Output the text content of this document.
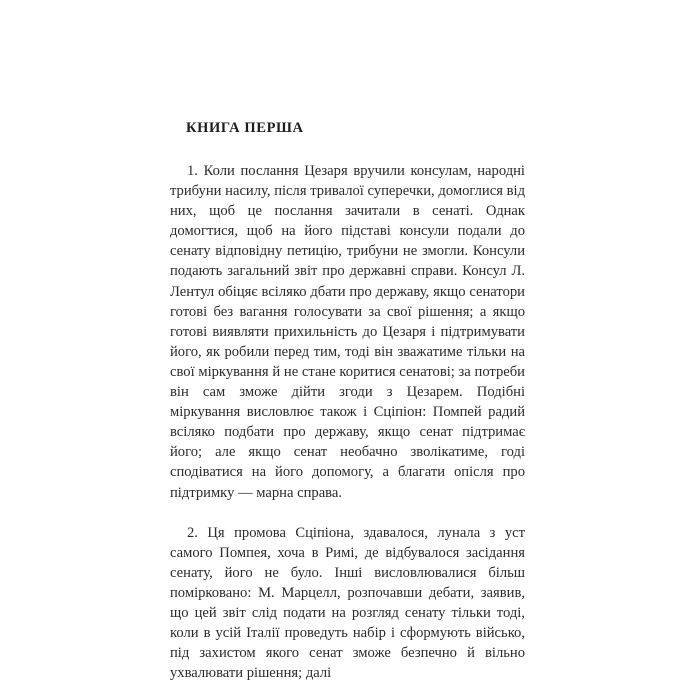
КНИГА ПЕРША

1. Коли послання Цезаря вручили консулам, народні трибуни насилу, після тривалої суперечки, домоглися від них, щоб це послання зачитали в сенаті. Однак домогтися, щоб на його підставі консули подали до сенату відповідну петицію, трибуни не змогли. Консули подають загальний звіт про державні справи. Консул Л. Лентул обіцяє всіляко дбати про державу, якщо сенатори готові без вагання голосувати за свої рішення; а якщо готові виявляти прихильність до Цезаря і підтримувати його, як робили перед тим, тоді він зважатиме тільки на свої міркування й не стане коритися сенатові; за потреби він сам зможе дійти згоди з Цезарем. Подібні міркування висловлює також і Сціпіон: Помпей радий всіляко подбати про державу, якщо сенат підтримає його; але якщо сенат необачно зволікатиме, годі сподіватися на його допомогу, а благати опісля про підтримку — марна справа.

2. Ця промова Сціпіона, здавалося, лунала з уст самого Помпея, хоча в Римі, де відбувалося засідання сенату, його не було. Інші висловлювалися більш помірковано: М. Марцелл, розпочавши дебати, заявив, що цей звіт слід подати на розгляд сенату тільки тоді, коли в усій Італії проведуть набір і сформують військо, під захистом якого сенат зможе безпечно й вільно ухвалювати рішення; далі
